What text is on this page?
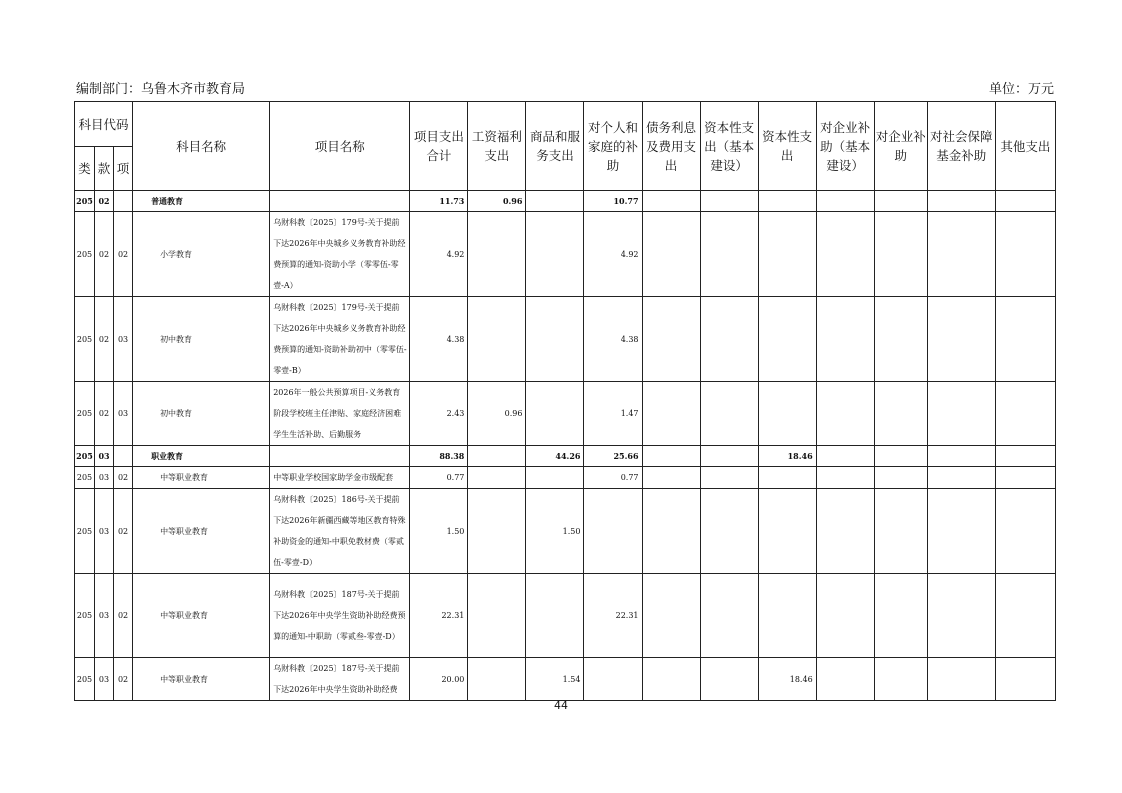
编制部门：乌鲁木齐市教育局	单位：万元
科目代码			科目名称	项目名称	项目支出合计	工资福利支出	商品和服务支出	对个人和家庭的补助	债务利息及费用支出	资本性支出（基本建设）	资本性支出	对企业补助（基本建设）	对企业补助	对社会保障基金补助	其他支出
类	款	项													
205	02		普通教育		11.73	0.96		10.77							
205	02	02	小学教育	乌财科教〔2025〕179号-关于提前下达2026年中央城乡义务教育补助经费预算的通知-资助小学（零零伍-零壹-A）	4.92			4.92							
205	02	03	初中教育	乌财科教〔2025〕179号-关于提前下达2026年中央城乡义务教育补助经费预算的通知-资助补助初中（零零伍-零壹-B）	4.38			4.38							
205	02	03	初中教育	2026年一般公共预算项目-义务教育阶段学校班主任津贴、家庭经济困难学生生活补助、后勤服务	2.43	0.96		1.47							
205	03		职业教育		88.38		44.26	25.66			18.46				
205	03	02	中等职业教育	中等职业学校国家助学金市级配套	0.77			0.77							
205	03	02	中等职业教育	乌财科教〔2025〕186号-关于提前下达2026年新疆西藏等地区教育特殊补助资金的通知-中职免教材费（零贰伍-零壹-D）	1.50		1.50								
205	03	02	中等职业教育	乌财科教〔2025〕187号-关于提前下达2026年中央学生资助补助经费预算的通知-中职助（零贰叁-零壹-D）	22.31			22.31							
205	03	02	中等职业教育	乌财科教〔2025〕187号-关于提前下达2026年中央学生资助补助经费	20.00		1.54				18.46				
44
